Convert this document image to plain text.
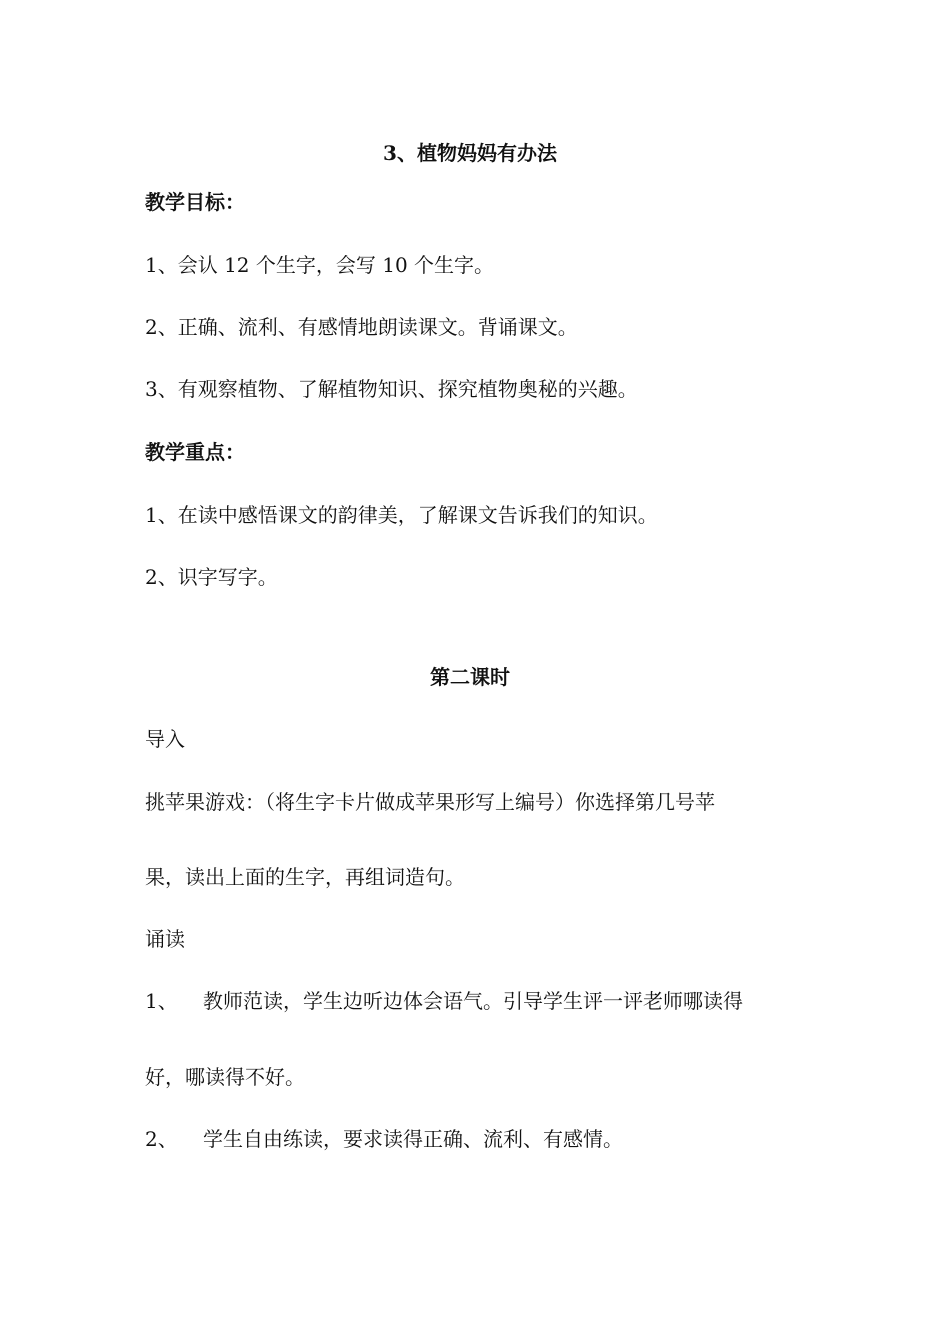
3、植物妈妈有办法
教学目标：
1、会认 12 个生字，会写 10 个生字。
2、正确、流利、有感情地朗读课文。背诵课文。
3、有观察植物、了解植物知识、探究植物奥秘的兴趣。
教学重点：
1、在读中感悟课文的韵律美，了解课文告诉我们的知识。
2、识字写字。
第二课时
导入
挑苹果游戏：（将生字卡片做成苹果形写上编号）你选择第几号苹
果，读出上面的生字，再组词造句。
诵读
1、 教师范读，学生边听边体会语气。引导学生评一评老师哪读得
好，哪读得不好。
2、 学生自由练读，要求读得正确、流利、有感情。
